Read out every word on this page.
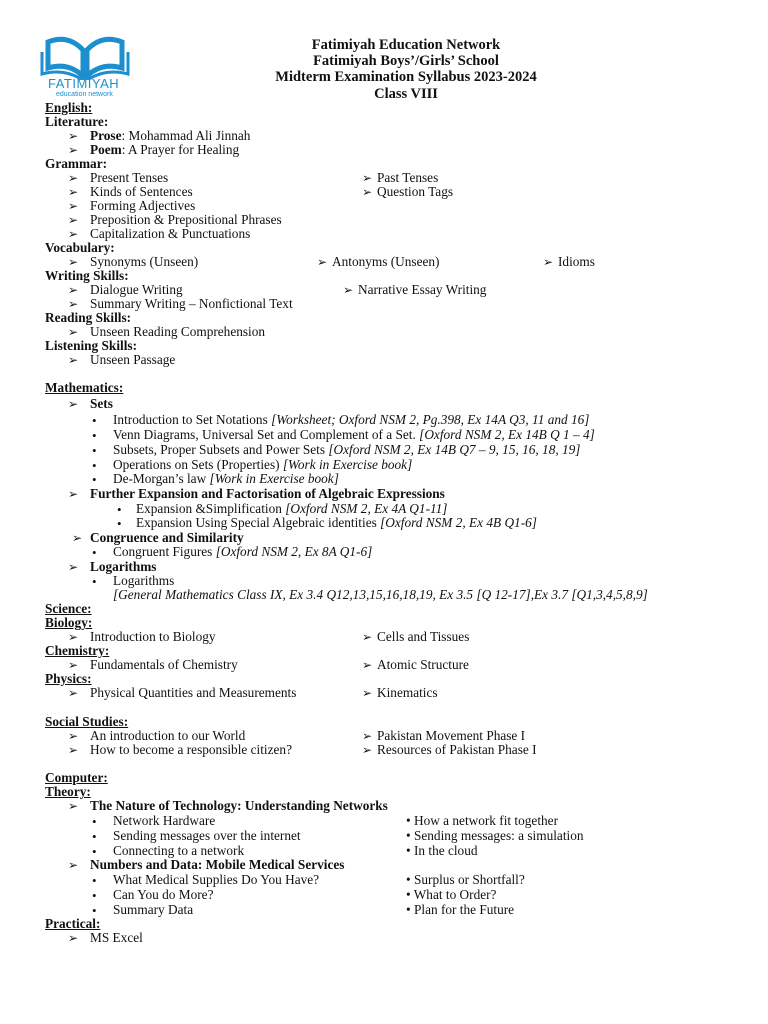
FATIMIYAH
education network
Fatimiyah Education Network
Fatimiyah Boys’/Girls’ School
Midterm Examination Syllabus 2023-2024
Class VIII
English:
Literature:
➢ Prose: Mohammad Ali Jinnah
➢ Poem: A Prayer for Healing
Grammar:
➢ Present Tenses	➢ Past Tenses
➢ Kinds of Sentences	➢ Question Tags
➢ Forming Adjectives
➢ Preposition & Prepositional Phrases
➢ Capitalization & Punctuations
Vocabulary:
➢ Synonyms (Unseen)	➢ Antonyms (Unseen)	➢ Idioms
Writing Skills:
➢ Dialogue Writing	➢ Narrative Essay Writing
➢ Summary Writing – Nonfictional Text
Reading Skills:
➢ Unseen Reading Comprehension
Listening Skills:
➢ Unseen Passage
Mathematics:
➢ Sets
• Introduction to Set Notations [Worksheet; Oxford NSM 2, Pg.398, Ex 14A Q3, 11 and 16]
• Venn Diagrams, Universal Set and Complement of a Set. [Oxford NSM 2, Ex 14B Q 1 – 4]
• Subsets, Proper Subsets and Power Sets [Oxford NSM 2, Ex 14B Q7 – 9, 15, 16, 18, 19]
• Operations on Sets (Properties) [Work in Exercise book]
• De-Morgan’s law [Work in Exercise book]
➢ Further Expansion and Factorisation of Algebraic Expressions
• Expansion &Simplification [Oxford NSM 2, Ex 4A Q1-11]
• Expansion Using Special Algebraic identities [Oxford NSM 2, Ex 4B Q1-6]
➢ Congruence and Similarity
• Congruent Figures [Oxford NSM 2, Ex 8A Q1-6]
➢ Logarithms
• Logarithms
[General Mathematics Class IX, Ex 3.4 Q12,13,15,16,18,19, Ex 3.5 [Q 12-17],Ex 3.7 [Q1,3,4,5,8,9]
Science:
Biology:
➢ Introduction to Biology	➢ Cells and Tissues
Chemistry:
➢ Fundamentals of Chemistry	➢ Atomic Structure
Physics:
➢ Physical Quantities and Measurements	➢ Kinematics
Social Studies:
➢ An introduction to our World	➢ Pakistan Movement Phase I
➢ How to become a responsible citizen?	➢ Resources of Pakistan Phase I
Computer:
Theory:
➢ The Nature of Technology: Understanding Networks
• Network Hardware	• How a network fit together
• Sending messages over the internet	• Sending messages: a simulation
• Connecting to a network	• In the cloud
➢ Numbers and Data: Mobile Medical Services
• What Medical Supplies Do You Have?	• Surplus or Shortfall?
• Can You do More?	• What to Order?
• Summary Data	• Plan for the Future
Practical:
➢ MS Excel
